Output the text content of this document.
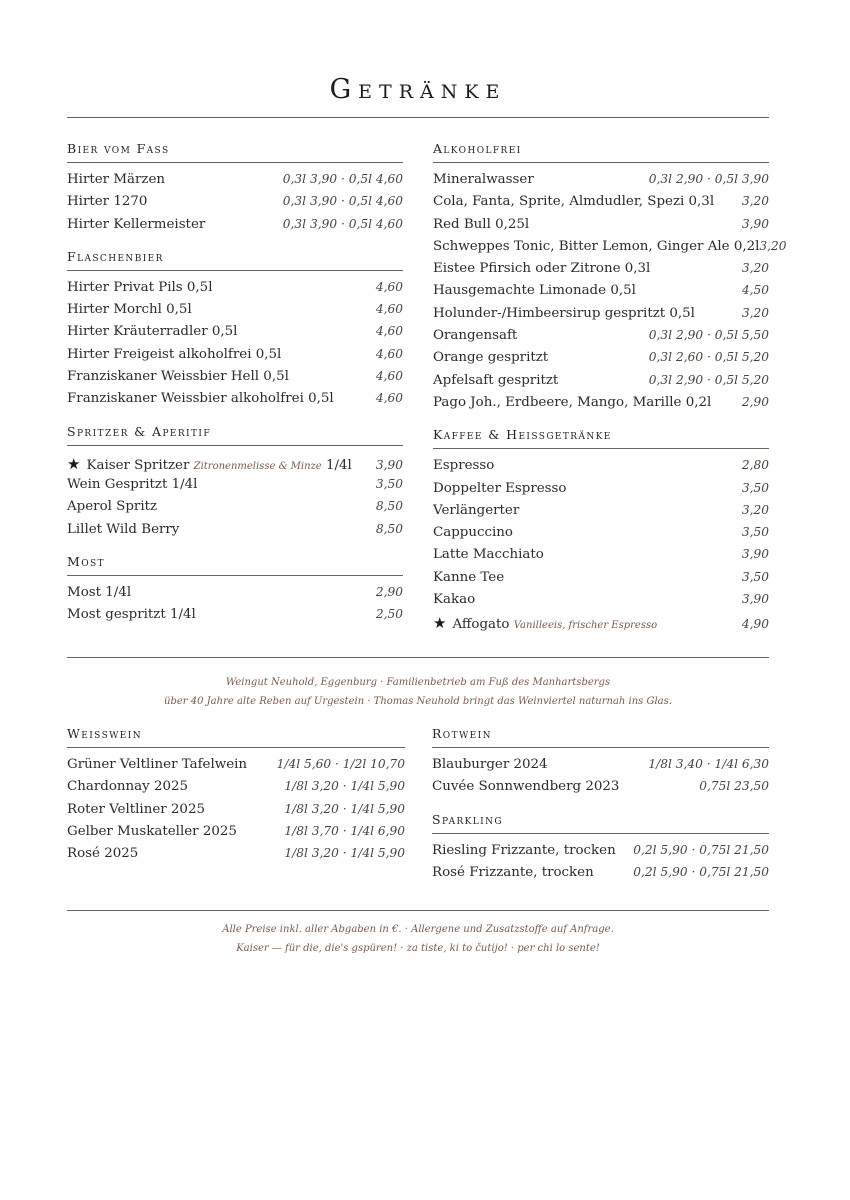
Getränke
Bier vom Fass
Hirter Märzen	0,3l 3,90 · 0,5l 4,60
Hirter 1270	0,3l 3,90 · 0,5l 4,60
Hirter Kellermeister	0,3l 3,90 · 0,5l 4,60
Flaschenbier
Hirter Privat Pils 0,5l	4,60
Hirter Morchl 0,5l	4,60
Hirter Kräuterradler 0,5l	4,60
Hirter Freigeist alkoholfrei 0,5l	4,60
Franziskaner Weissbier Hell 0,5l	4,60
Franziskaner Weissbier alkoholfrei 0,5l	4,60
Spritzer & Aperitif
★ Kaiser Spritzer Zitronenmelisse & Minze 1/4l 3,90
Wein Gespritzt 1/4l	3,50
Aperol Spritz	8,50
Lillet Wild Berry	8,50
Most
Most 1/4l	2,90
Most gespritzt 1/4l	2,50
Alkoholfrei
Mineralwasser	0,3l 2,90 · 0,5l 3,90
Cola, Fanta, Sprite, Almdudler, Spezi 0,3l 3,20
Red Bull 0,25l	3,90
Schweppes Tonic, Bitter Lemon, Ginger Ale 0,2l 3,20
Eistee Pfirsich oder Zitrone 0,3l	3,20
Hausgemachte Limonade 0,5l	4,50
Holunder-/Himbeersirup gespritzt 0,5l	3,20
Orangensaft	0,3l 2,90 · 0,5l 5,50
Orange gespritzt	0,3l 2,60 · 0,5l 5,20
Apfelsaft gespritzt	0,3l 2,90 · 0,5l 5,20
Pago Joh., Erdbeere, Mango, Marille 0,2l	2,90
Kaffee & Heissgetränke
Espresso	2,80
Doppelter Espresso	3,50
Verlängerter	3,20
Cappuccino	3,50
Latte Macchiato	3,90
Kanne Tee	3,50
Kakao	3,90
★ Affogato Vanilleeis, frischer Espresso	4,90
Weingut Neuhold, Eggenburg · Familienbetrieb am Fuß des Manhartsbergs
über 40 Jahre alte Reben auf Urgestein · Thomas Neuhold bringt das Weinviertel naturnah ins Glas.
Weisswein
Grüner Veltliner Tafelwein 1/4l 5,60 · 1/2l 10,70
Chardonnay 2025	1/8l 3,20 · 1/4l 5,90
Roter Veltliner 2025	1/8l 3,20 · 1/4l 5,90
Gelber Muskateller 2025	1/8l 3,70 · 1/4l 6,90
Rosé 2025	1/8l 3,20 · 1/4l 5,90
Rotwein
Blauburger 2024	1/8l 3,40 · 1/4l 6,30
Cuvée Sonnwendberg 2023	0,75l 23,50
Sparkling
Riesling Frizzante, trocken 0,2l 5,90 · 0,75l 21,50
Rosé Frizzante, trocken	0,2l 5,90 · 0,75l 21,50
Alle Preise inkl. aller Abgaben in €. · Allergene und Zusatzstoffe auf Anfrage.
Kaiser — für die, die's gspüren! · za tiste, ki to čutijo! · per chi lo sente!
